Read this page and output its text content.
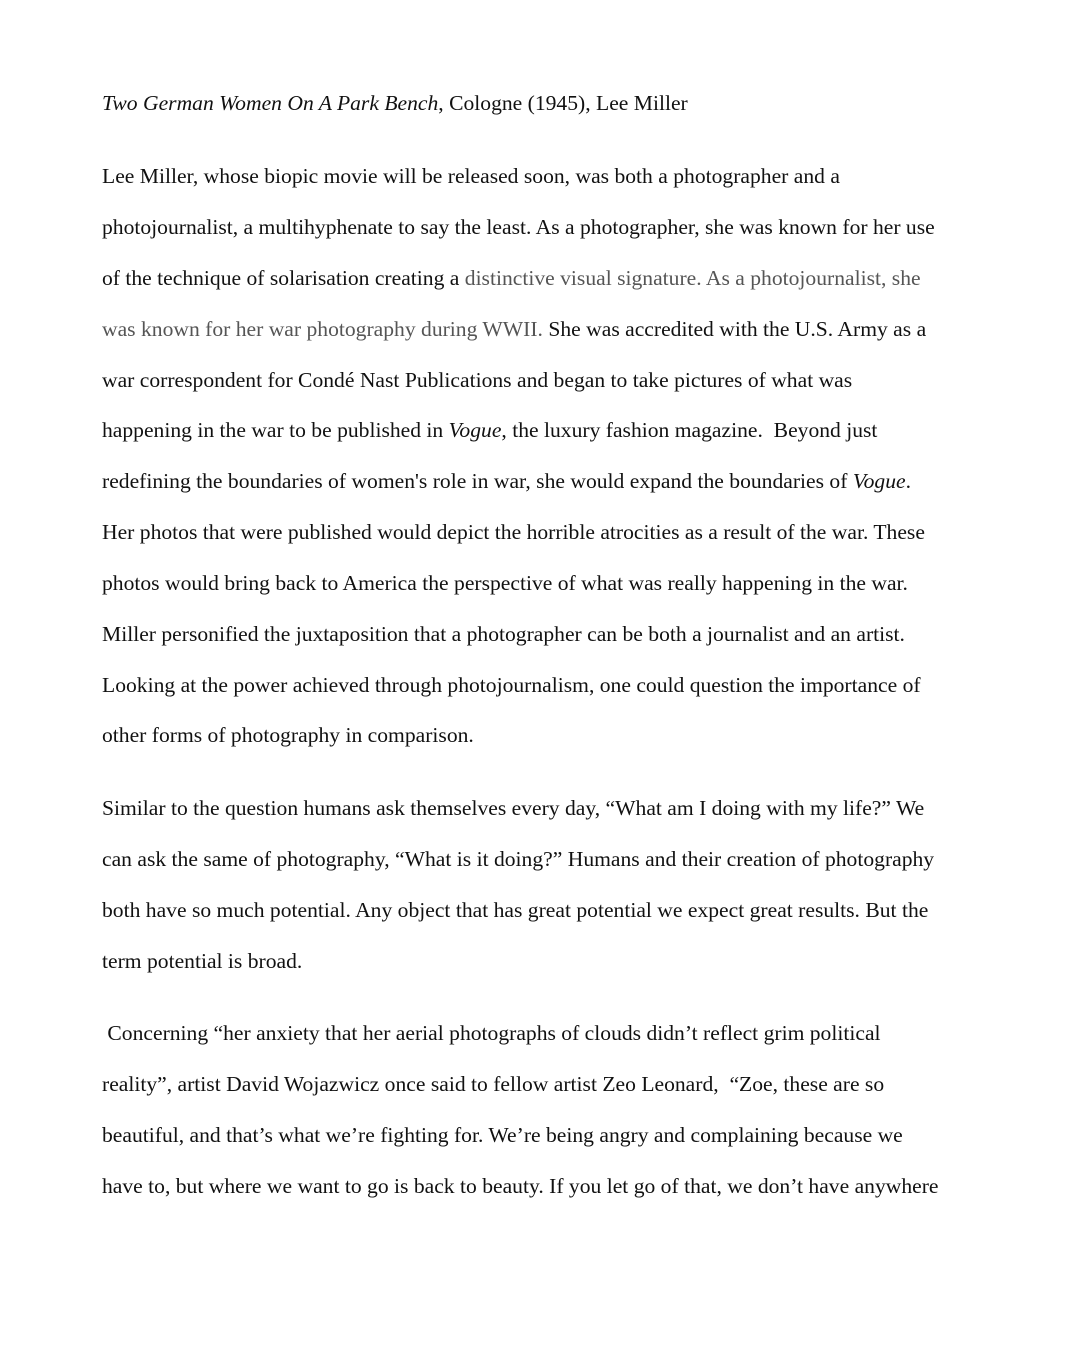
Two German Women On A Park Bench, Cologne (1945), Lee Miller

Lee Miller, whose biopic movie will be released soon, was both a photographer and a

photojournalist, a multihyphenate to say the least. As a photographer, she was known for her use

of the technique of solarisation creating a distinctive visual signature. As a photojournalist, she

was known for her war photography during WWII. She was accredited with the U.S. Army as a

war correspondent for Condé Nast Publications and began to take pictures of what was

happening in the war to be published in Vogue, the luxury fashion magazine.  Beyond just

redefining the boundaries of women's role in war, she would expand the boundaries of Vogue.

Her photos that were published would depict the horrible atrocities as a result of the war. These

photos would bring back to America the perspective of what was really happening in the war.

Miller personified the juxtaposition that a photographer can be both a journalist and an artist.

Looking at the power achieved through photojournalism, one could question the importance of

other forms of photography in comparison.

Similar to the question humans ask themselves every day, “What am I doing with my life?” We

can ask the same of photography, “What is it doing?” Humans and their creation of photography

both have so much potential. Any object that has great potential we expect great results. But the

term potential is broad.

Concerning “her anxiety that her aerial photographs of clouds didn’t reflect grim political

reality”, artist David Wojazwicz once said to fellow artist Zeo Leonard,  “Zoe, these are so

beautiful, and that’s what we’re fighting for. We’re being angry and complaining because we

have to, but where we want to go is back to beauty. If you let go of that, we don’t have anywhere
